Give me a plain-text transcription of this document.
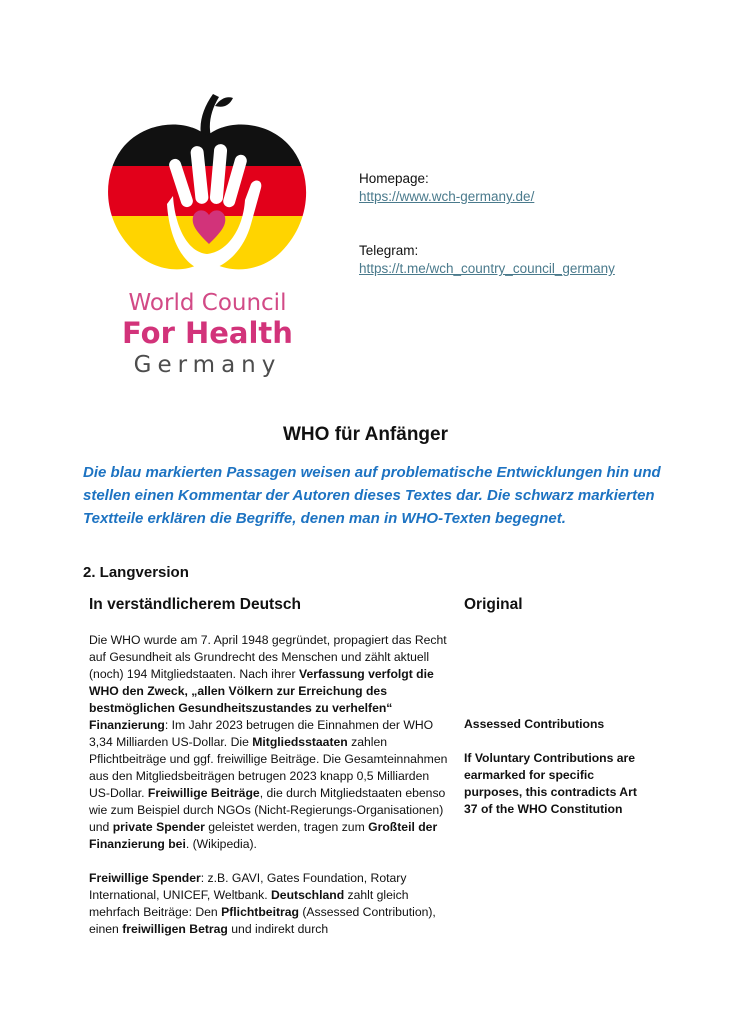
World Council
For Health
Germany
Homepage:
https://www.wch-germany.de/
Telegram:
https://t.me/wch_country_council_germany
WHO für Anfänger
Die blau markierten Passagen weisen auf problematische Entwicklungen hin und stellen einen Kommentar der Autoren dieses Textes dar. Die schwarz markierten Textteile erklären die Begriffe, denen man in WHO-Texten begegnet.
2. Langversion
In verständlicherem Deutsch	Original

Die WHO wurde am 7. April 1948 gegründet, propagiert das Recht auf Gesundheit als Grundrecht des Menschen und zählt aktuell (noch) 194 Mitgliedstaaten. Nach ihrer Verfassung verfolgt die WHO den Zweck, „allen Völkern zur Erreichung des bestmöglichen Gesundheitszustandes zu verhelfen“ Finanzierung: Im Jahr 2023 betrugen die Einnahmen der WHO 3,34 Milliarden US-Dollar. Die Mitgliedsstaaten zahlen Pflichtbeiträge und ggf. freiwillige Beiträge. Die Gesamteinnahmen aus den Mitgliedsbeiträgen betrugen 2023 knapp 0,5 Milliarden US-Dollar. Freiwillige Beiträge, die durch Mitgliedstaaten ebenso wie zum Beispiel durch NGOs (Nicht-Regierungs-Organisationen) und private Spender geleistet werden, tragen zum Großteil der Finanzierung bei. (Wikipedia).

Freiwillige Spender: z.B. GAVI, Gates Foundation, Rotary International, UNICEF, Weltbank. Deutschland zahlt gleich mehrfach Beiträge: Den Pflichtbeitrag (Assessed Contribution), einen freiwilligen Betrag und indirekt durch

Assessed Contributions

If Voluntary Contributions are earmarked for specific purposes, this contradicts Art 37 of the WHO Constitution
